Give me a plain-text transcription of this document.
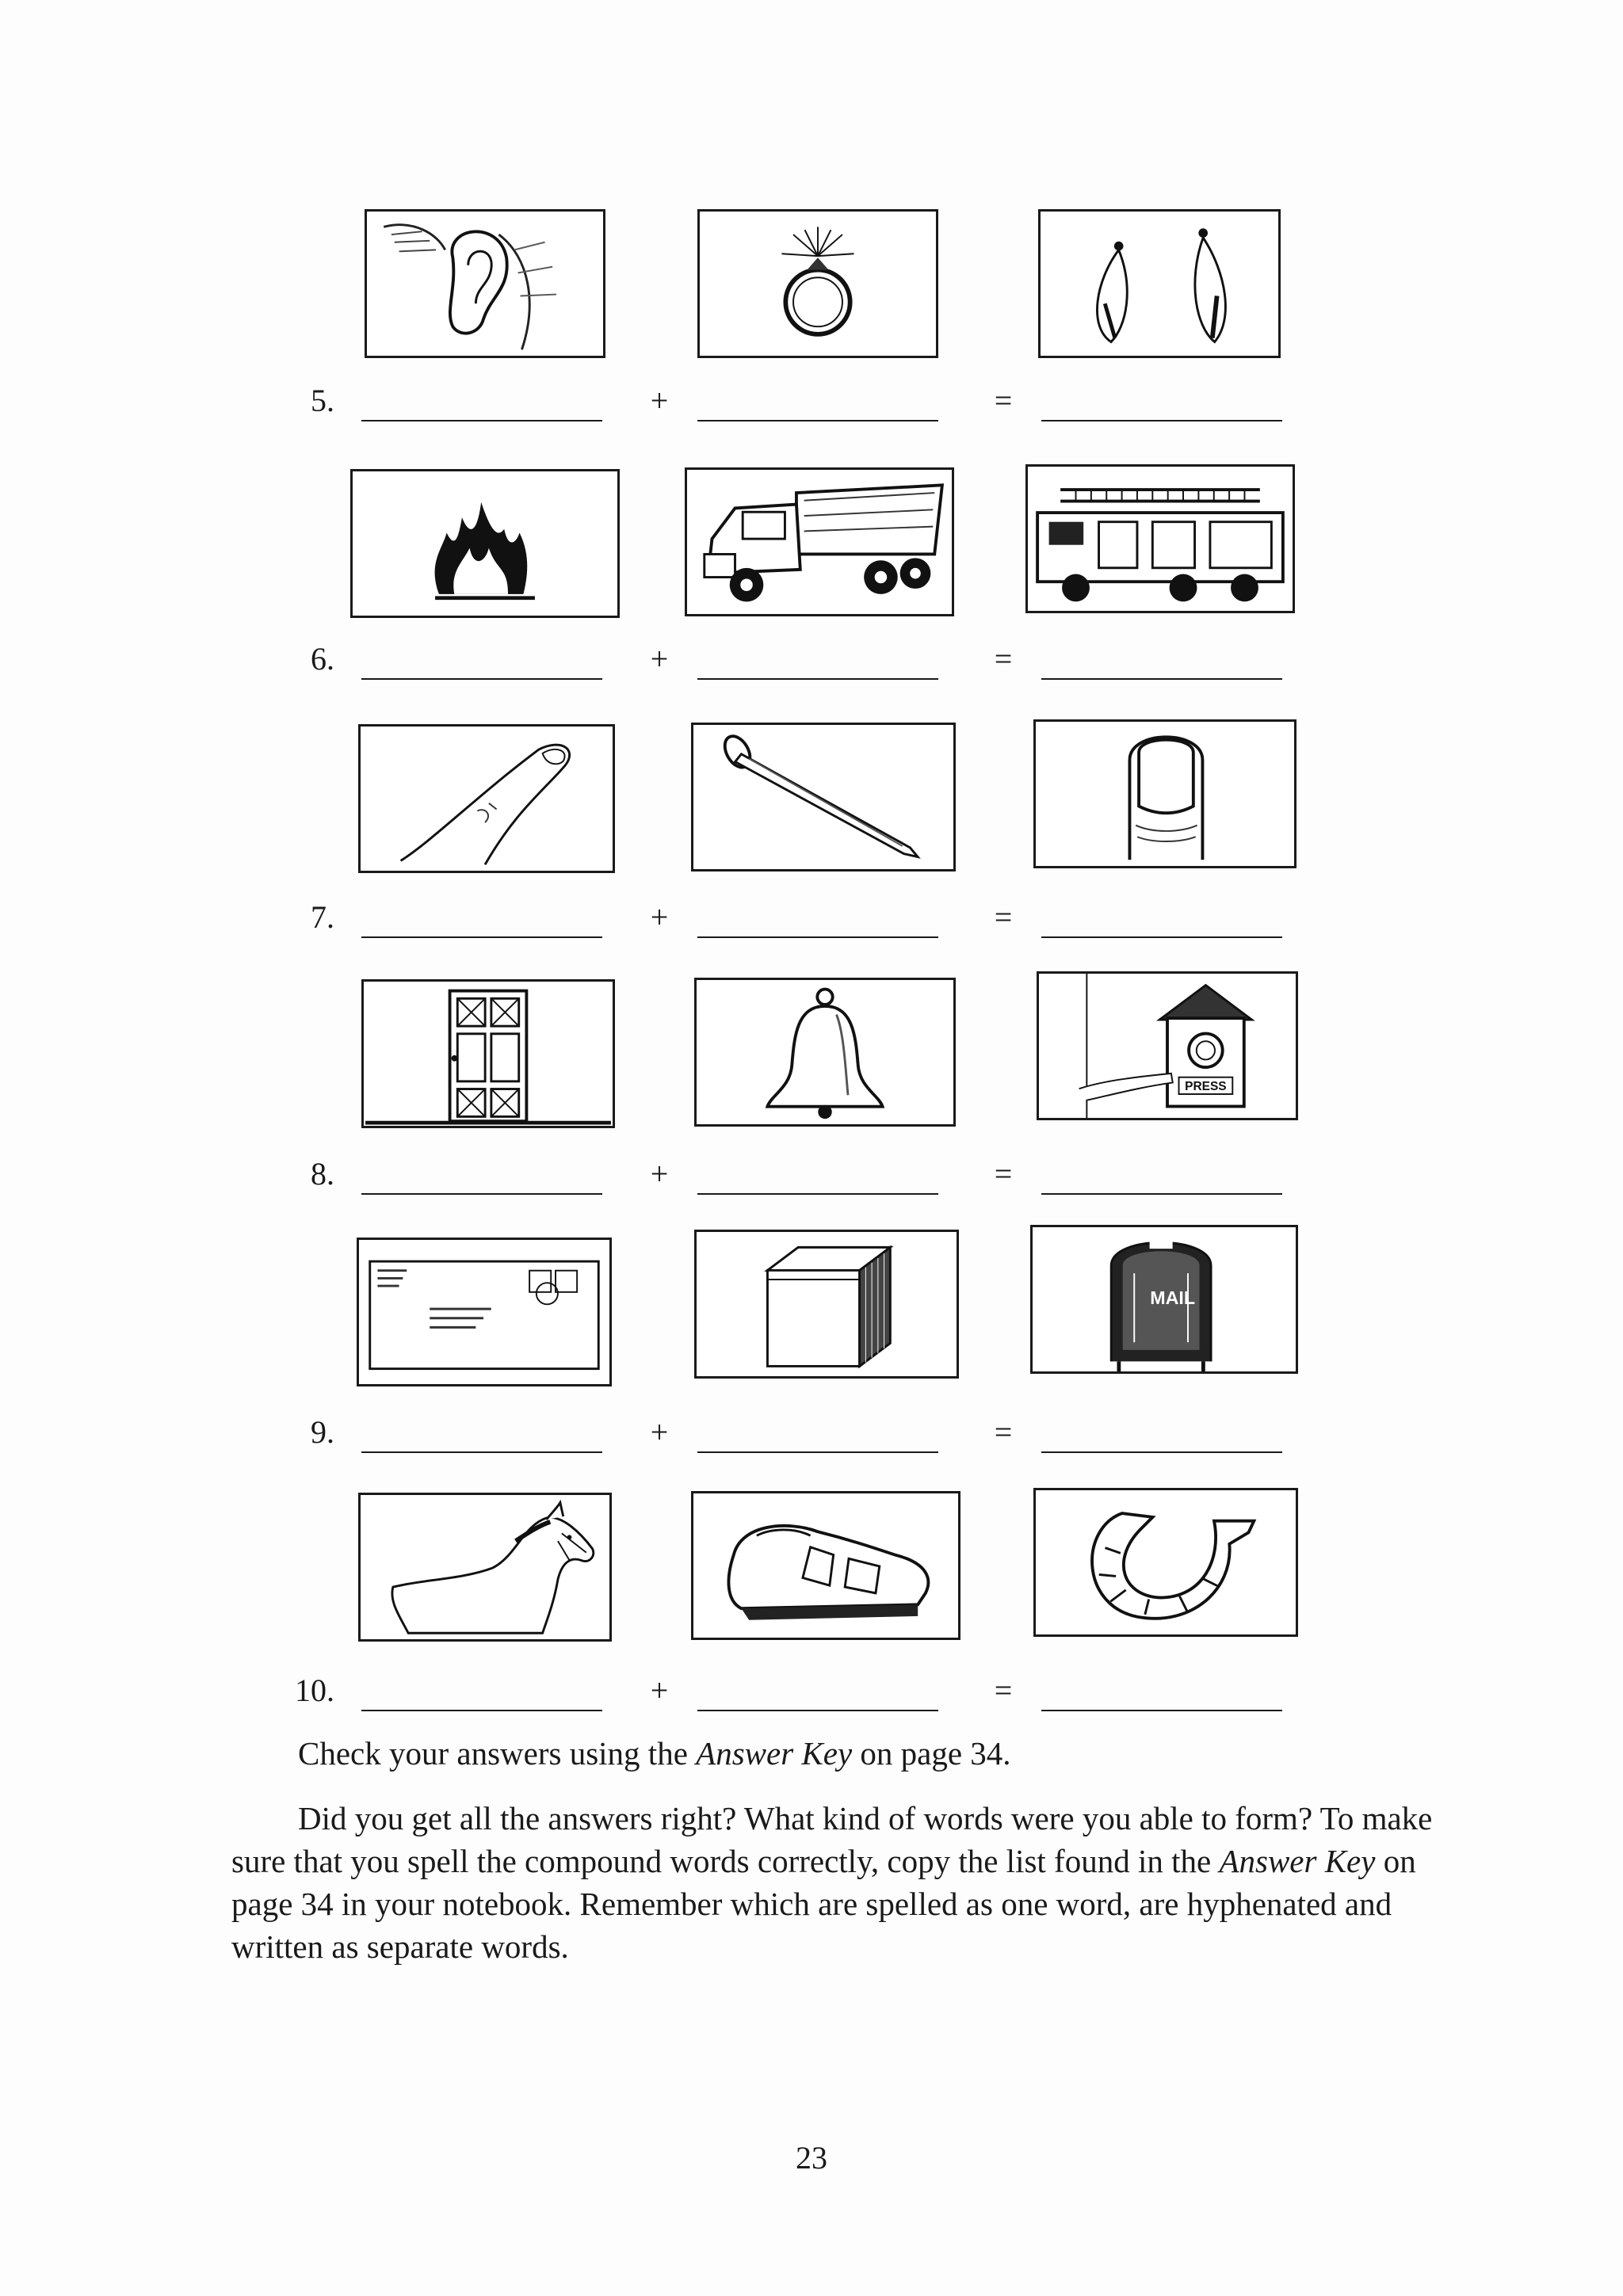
5.	+	=
6.	+	=
7.	+	=
PRESS
8.	+	=
MAIL
9.	+	=
10.	+	=

Check your answers using the Answer Key on page 34.

Did you get all the answers right? What kind of words were you able to form? To make sure that you spell the compound words correctly, copy the list found in the Answer Key on page 34 in your notebook. Remember which are spelled as one word, are hyphenated and written as separate words.

23
